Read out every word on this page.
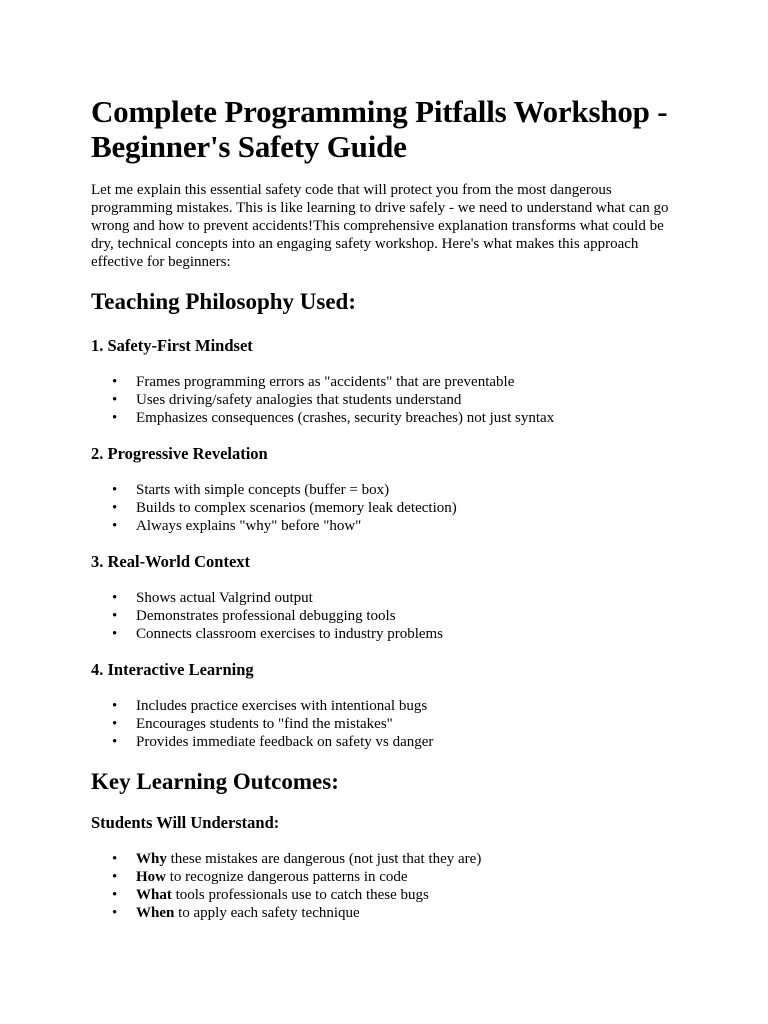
Complete Programming Pitfalls Workshop - Beginner's Safety Guide

Let me explain this essential safety code that will protect you from the most dangerous programming mistakes. This is like learning to drive safely - we need to understand what can go wrong and how to prevent accidents!This comprehensive explanation transforms what could be dry, technical concepts into an engaging safety workshop. Here's what makes this approach effective for beginners:

Teaching Philosophy Used:
1. Safety-First Mindset
• Frames programming errors as "accidents" that are preventable
• Uses driving/safety analogies that students understand
• Emphasizes consequences (crashes, security breaches) not just syntax
2. Progressive Revelation
• Starts with simple concepts (buffer = box)
• Builds to complex scenarios (memory leak detection)
• Always explains "why" before "how"
3. Real-World Context
• Shows actual Valgrind output
• Demonstrates professional debugging tools
• Connects classroom exercises to industry problems
4. Interactive Learning
• Includes practice exercises with intentional bugs
• Encourages students to "find the mistakes"
• Provides immediate feedback on safety vs danger
Key Learning Outcomes:
Students Will Understand:
• Why these mistakes are dangerous (not just that they are)
• How to recognize dangerous patterns in code
• What tools professionals use to catch these bugs
• When to apply each safety technique
